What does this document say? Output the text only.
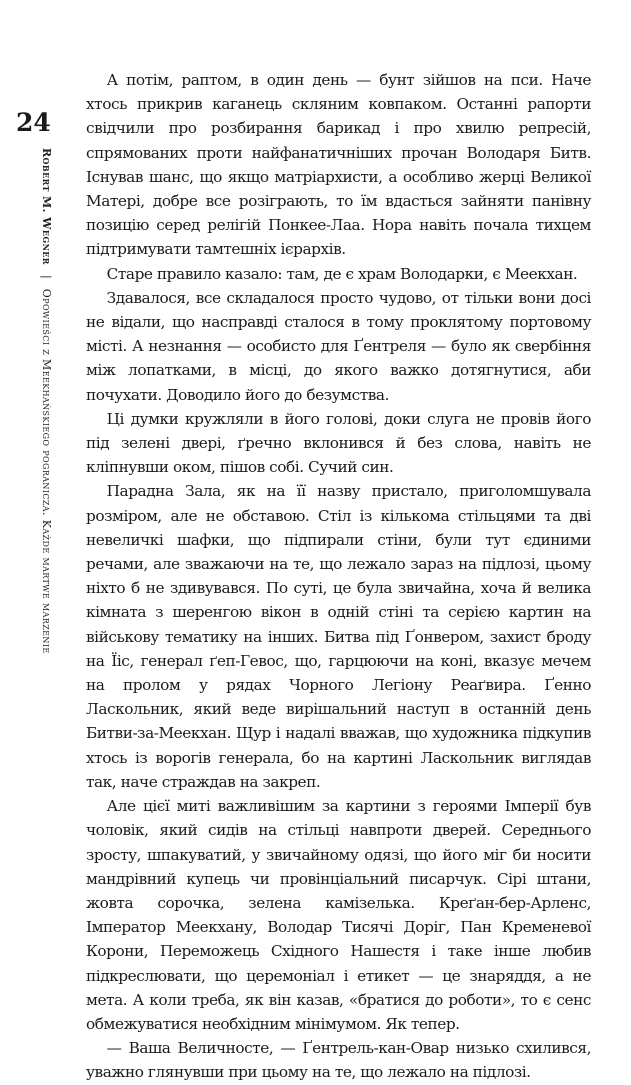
24
Robert M. Wegner | Opowieści z Meekhańskiego pogranicza. Każde martwe marzenie

А потім, раптом, в один день — бунт зійшов на пси. Наче хтось прикрив каганець скляним ковпаком. Останні рапорти свідчили про розбирання барикад і про хвилю репресій, спрямованих проти найфанатичніших прочан Володаря Битв. Існував шанс, що якщо матріархисти, а особливо жерці Великої Матері, добре все розіграють, то їм вдасться зайняти панівну позицію серед релігій Понкее-Лаа. Нора навіть почала тихцем підтримувати тамтешніх ієрархів.

Старе правило казало: там, де є храм Володарки, є Меекхан.

Здавалося, все складалося просто чудово, от тільки вони досі не відали, що насправді сталося в тому проклятому портовому місті. А незнання — особисто для Ґентреля — було як свербіння між лопатками, в місці, до якого важко дотягнутися, аби почухати. Доводило його до безумства.

Ці думки кружляли в його голові, доки слуга не провів його під зелені двері, ґречно вклонився й без слова, навіть не кліпнувши оком, пішов собі. Сучий син.

Парадна Зала, як на її назву пристало, приголомшувала розміром, але не обставою. Стіл із кількома стільцями та дві невеличкі шафки, що підпирали стіни, були тут єдиними речами, але зважаючи на те, що лежало зараз на підлозі, цьому ніхто б не здивувався. По суті, це була звичайна, хоча й велика кімната з шеренгою вікон в одній стіні та серією картин на військову тематику на інших. Битва під Ґонвером, захист броду на Їіс, генерал ґеп-Гевос, що, гарцюючи на коні, вказує мечем на пролом у рядах Чорного Легіону Реаґвира. Ґенно Ласкольник, який веде вирішальний наступ в останній день Битви-за-Меекхан. Щур і надалі вважав, що художника підкупив хтось із ворогів генерала, бо на картині Ласкольник виглядав так, наче страждав на закреп.

Але цієї миті важливішим за картини з героями Імперії був чоловік, який сидів на стільці навпроти дверей. Середнього зросту, шпакуватий, у звичайному одязі, що його міг би носити мандрівний купець чи провінціальний писарчук. Сірі штани, жовта сорочка, зелена камізелька. Креґан-бер-Арленс, Імператор Меекхану, Володар Тисячі Доріг, Пан Кременевої Корони, Переможець Східного Нашестя і таке інше любив підкреслювати, що церемоніал і етикет — це знаряддя, а не мета. А коли треба, як він казав, «братися до роботи», то є сенс обмежуватися необхідним мінімумом. Як тепер.

— Ваша Величносте, — Ґентрель-кан-Овар низько схилився, уважно глянувши при цьому на те, що лежало на підлозі.
